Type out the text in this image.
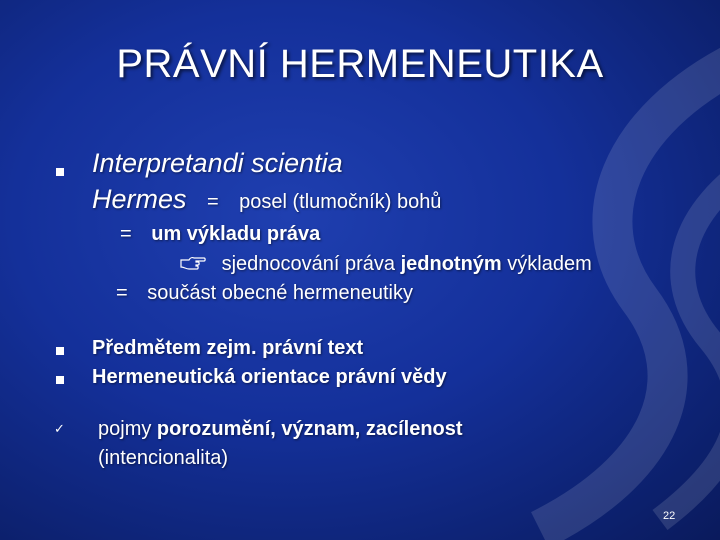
PRÁVNÍ HERMENEUTIKA
Interpretandi scientia
Hermes = posel (tlumočník) bohů
= um výkladu práva
sjednocování práva jednotným výkladem
= součást obecné hermeneutiky
Předmětem zejm. právní text
Hermeneutická orientace právní vědy
✓ pojmy porozumění, význam, zacílenost
(intencionalita)
22
